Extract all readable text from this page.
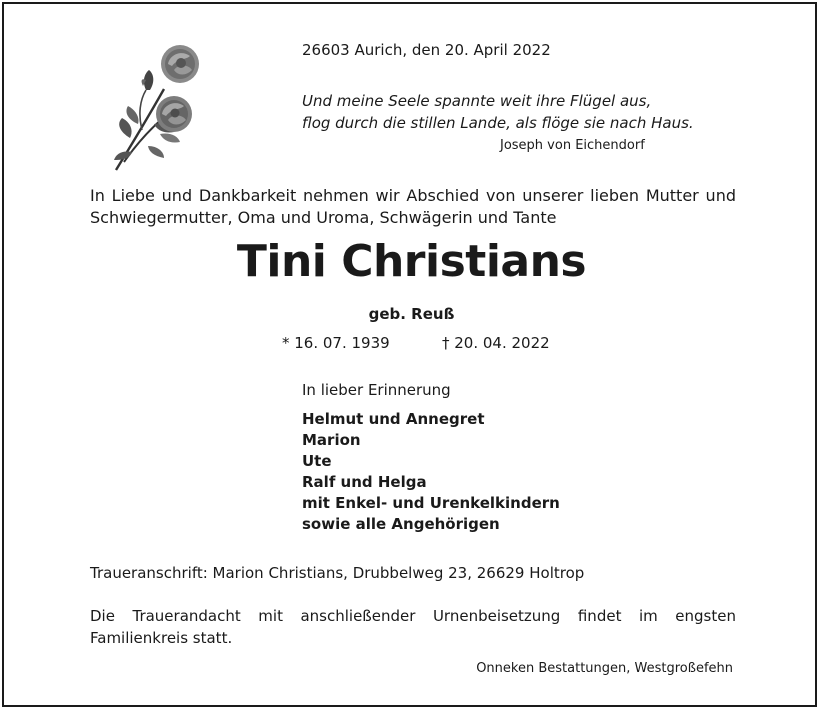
26603 Aurich, den 20. April 2022
Und meine Seele spannte weit ihre Flügel aus,
flog durch die stillen Lande, als flöge sie nach Haus.
Joseph von Eichendorf
In Liebe und Dankbarkeit nehmen wir Abschied von unserer lieben Mutter und Schwiegermutter, Oma und Uroma, Schwägerin und Tante
Tini Christians
geb. Reuß
* 16. 07. 1939	† 20. 04. 2022
In lieber Erinnerung
Helmut und Annegret
Marion
Ute
Ralf und Helga
mit Enkel- und Urenkelkindern
sowie alle Angehörigen
Traueranschrift: Marion Christians, Drubbelweg 23, 26629 Holtrop
Die Trauerandacht mit anschließender Urnenbeisetzung findet im engsten Familienkreis statt.
Onneken Bestattungen, Westgroßefehn
